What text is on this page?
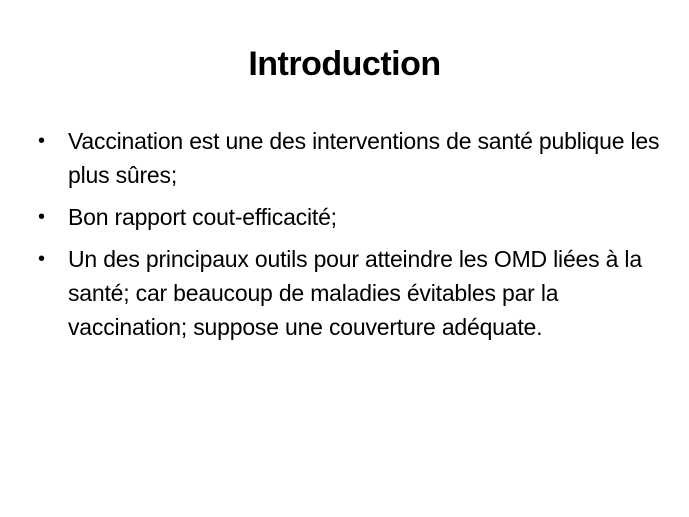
Introduction
• Vaccination est une des interventions de santé publique les plus sûres;
• Bon rapport cout-efficacité;
• Un des principaux outils pour atteindre les OMD liées à la santé; car beaucoup de maladies évitables par la vaccination; suppose une couverture adéquate.
